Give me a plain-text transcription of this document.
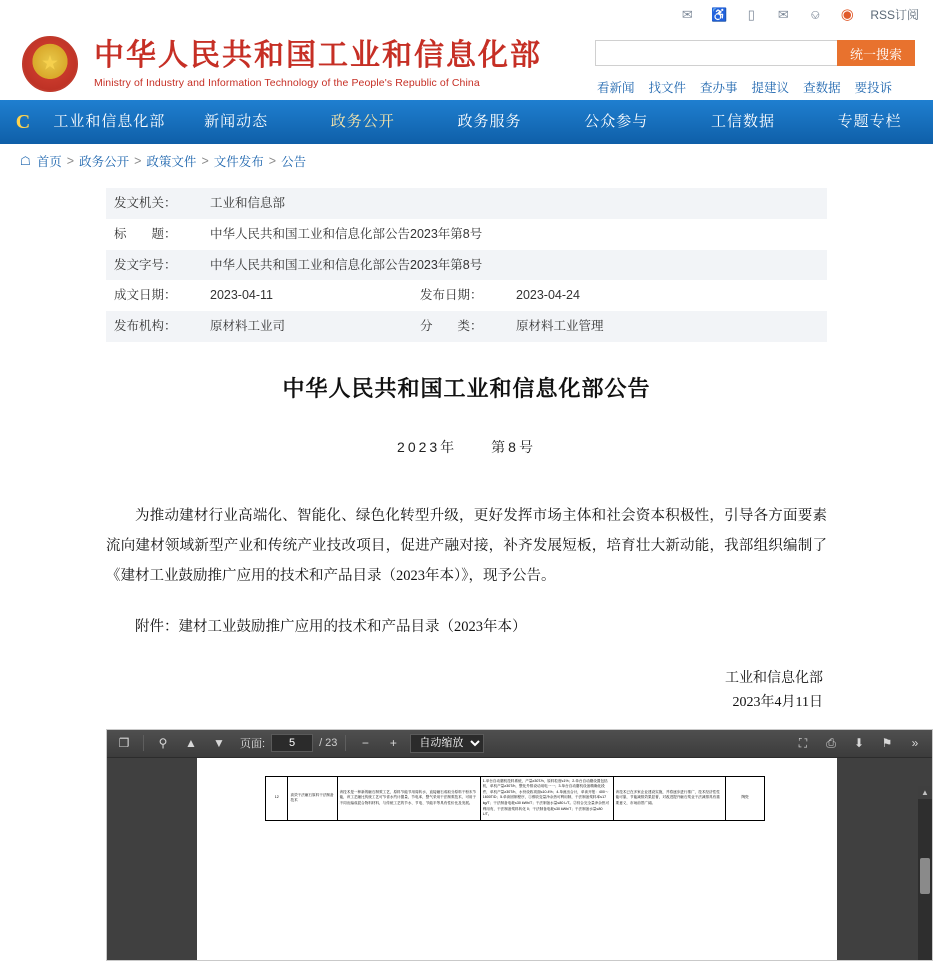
✉ ♿	▯	✉ ⎉ ◉ RSS订阅
★
中华人民共和国工业和信息化部
Ministry of Industry and Information Technology of the People's Republic of China
统一搜索
看新闻 找文件 查办事 提建议 查数据 要投诉
C	工业和信息化部	新闻动态	政务公开	政务服务	公众参与	工信数据	专题专栏
☖ 首页 > 政务公开 > 政策文件 > 文件发布 > 公告
发文机关：	工业和信息部		
标　　题：	中华人民共和国工业和信息化部公告2023年第8号		
发文字号：	中华人民共和国工业和信息化部公告2023年第8号		
成文日期：	2023-04-11	发布日期：	2023-04-24
发布机构：	原材料工业司	分　　类：	原材料工业管理
中华人民共和国工业和信息化部公告
2023年　　第8号
为推动建材行业高端化、智能化、绿色化转型升级，更好发挥市场主体和社会资本积极性，引导各方面要素流向建材领域新型产业和传统产业技改项目，促进产融对接，补齐发展短板，培育壮大新动能，我部组织编制了《建材工业鼓励推广应用的技术和产品目录（2023年本）》，现予公告。
附件：建材工业鼓励推广应用的技术和产品目录（2023年本）
工业和信息化部
2023年4月11日
❐	⚲	▲	▼	页面:
5	/ 23	−	+
自动缩放	⛶	⎙	⬇	⚑	»
12	高效干法砸石原料干法制备技术	该技术是一种新的砸石制浆工艺，原料节能节用周转水，直接砸石成取分原料干粉末节能，该工艺砸比传统工艺可节省水约计据量，节电率，整气采用干法制浆技术，可用于不同出编成混合物料材料，与传统工艺的节水、节电、节能半等具有性价比及发展。	1.单台自动磨机技料系统，产量≥30T/h，原料粒度≤1%；2.单台自动磨设置包括机，单机产量≥30T/h，整化外排设动用电一一；3.单台自动磨机设备精确化段件，单机产量≥30T/h，水份设收项面≤10.4%；4.单流出合计，单读开报：400～1600T/D；5.单读固制程序，①维收变量净余热可利用制，干法制备浆料率≤17 kg/T；干法制备电耗≤30 kWh/T；干法制备水量≤80 L/T。②综合完全量净余热可利用有，干法制备浆料转化 0；干法制备电耗≤30 kWh/T；干法制备水量≤80 L/T。	该技术已在多家企业建设实施，并将逐步进行推广，技术经济性性能可靠，节能减排效果显著，对改进提升砸石浆业干法减排具有重要意义，市场前景广阔。	陶瓷
▲
